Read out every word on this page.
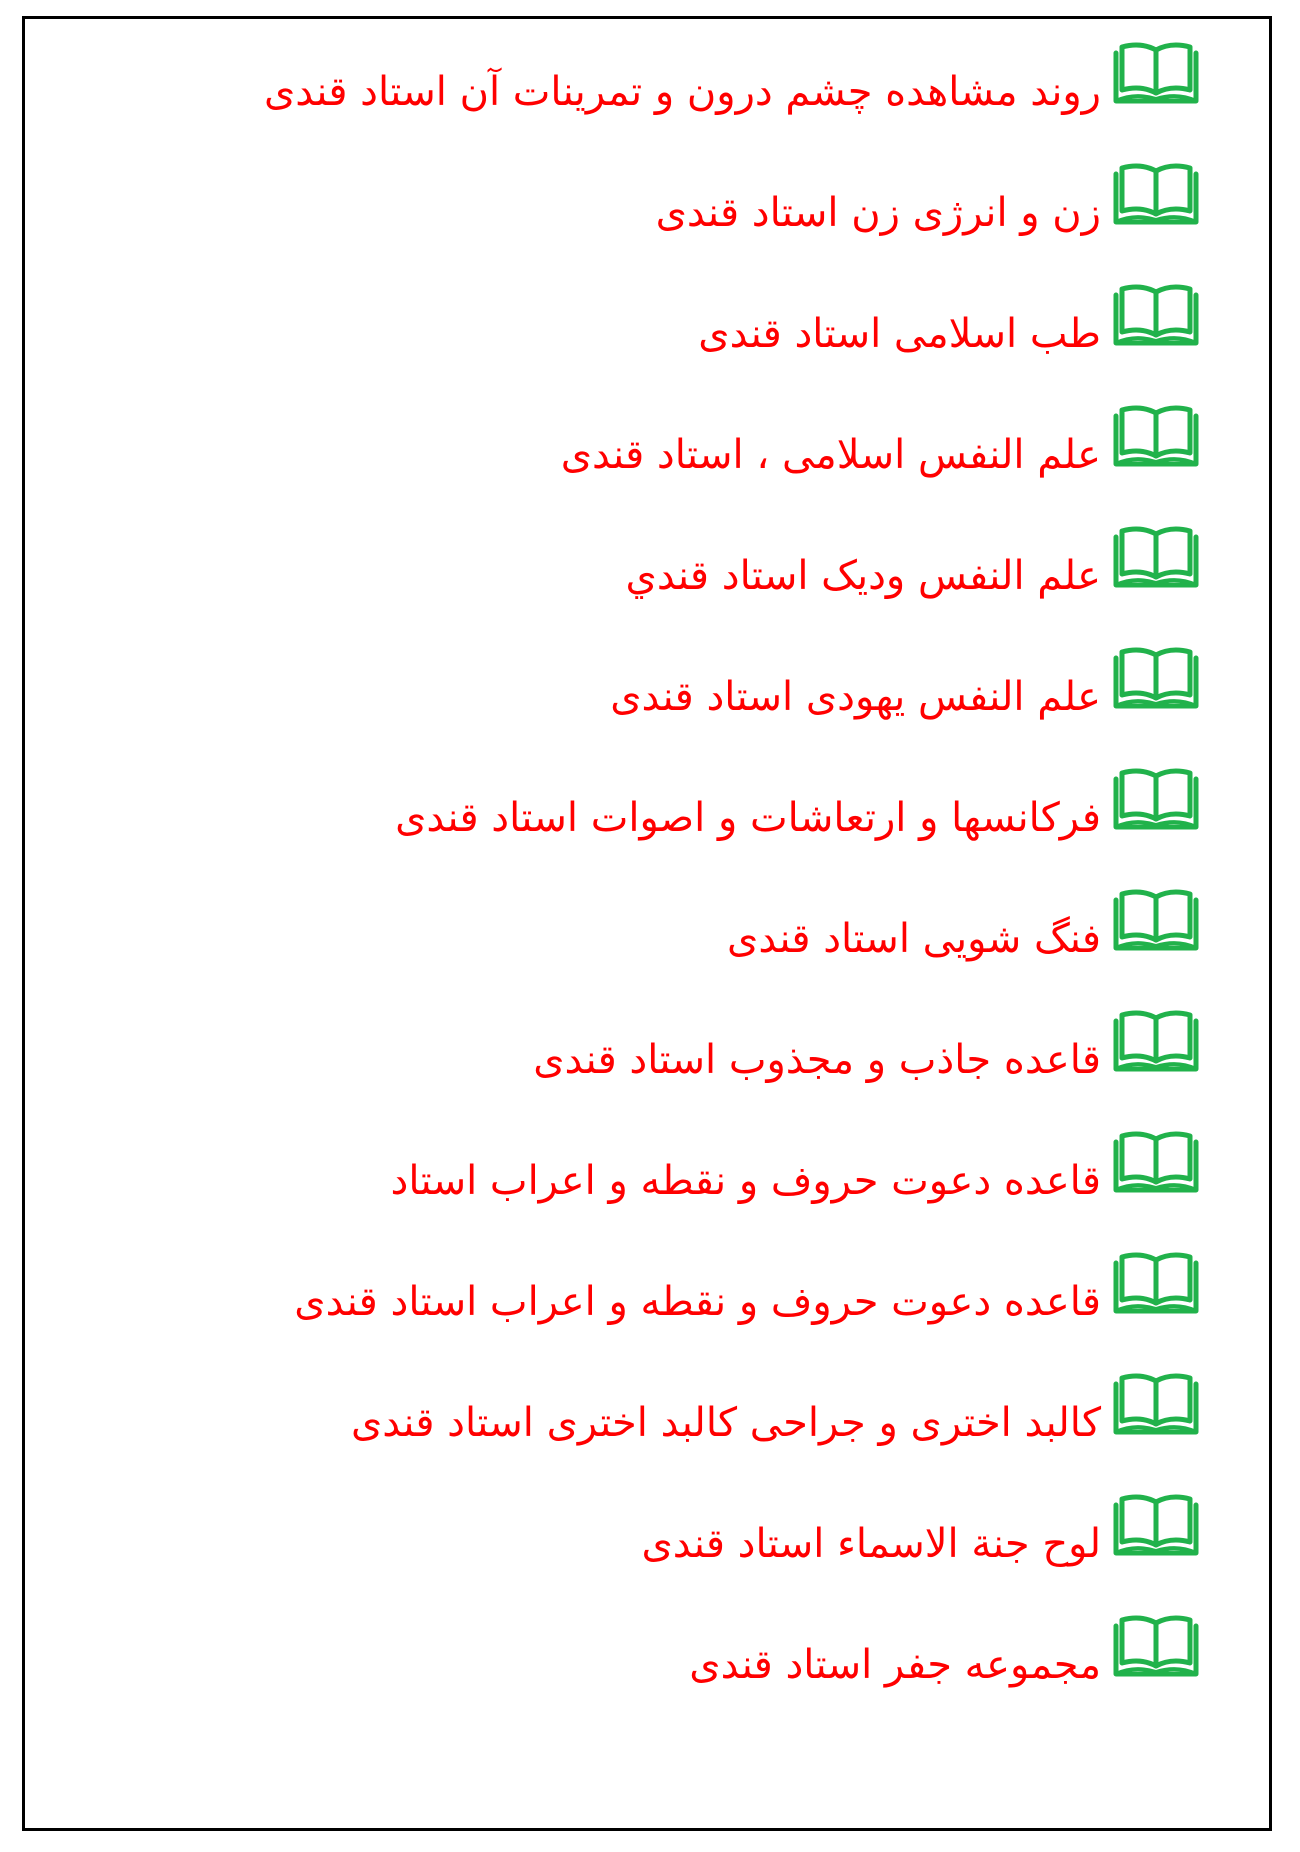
روند مشاهده چشم درون و تمرینات آن استاد قندی
زن و انرژی زن استاد قندی
طب اسلامی استاد قندی
علم النفس اسلامی ، استاد قندی
علم النفس ودیک استاد قندي
علم النفس یهودی استاد قندی
فرکانسها و ارتعاشات و اصوات استاد قندی
فنگ شویی استاد قندی
قاعده جاذب و مجذوب استاد قندی
قاعده دعوت حروف و نقطه و اعراب استاد
قاعده دعوت حروف و نقطه و اعراب استاد قندی
کالبد اختری و جراحی کالبد اختری استاد قندی
لوح جنة الاسماء استاد قندی
مجموعه جفر استاد قندی
